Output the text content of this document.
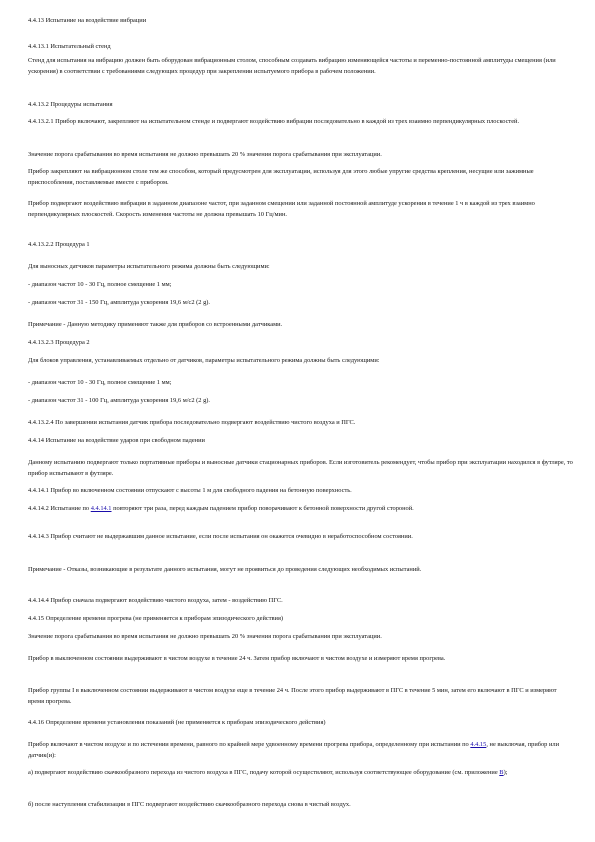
4.4.13 Испытание на воздействие вибрации

4.4.13.1 Испытательный стенд

Стенд для испытания на вибрацию должен быть оборудован вибрационным столом, способным создавать вибрацию изменяющейся частоты и переменно-постоянной амплитуды смещения (или ускорения) в соответствии с требованиями следующих процедур при закреплении испытуемого прибора в рабочем положении.

4.4.13.2 Процедуры испытания

4.4.13.2.1 Прибор включают, закрепляют на испытательном стенде и подвергают воздействию вибрации последовательно в каждой из трех взаимно перпендикулярных плоскостей.

Значение порога срабатывания во время испытания не должно превышать 20 % значения порога срабатывания при эксплуатации.

Прибор закрепляют на вибрационном столе тем же способом, который предусмотрен для эксплуатации, используя для этого любые упругие средства крепления, несущие или зажимные приспособления, поставляемые вместе с прибором.

Прибор подвергают воздействию вибрации в заданном диапазоне частот, при заданном смещении или заданной постоянной амплитуде ускорения в течение 1 ч в каждой из трех взаимно перпендикулярных плоскостей. Скорость изменения частоты не должна превышать 10 Гц/мин.

4.4.13.2.2 Процедура 1

Для выносных датчиков параметры испытательного режима должны быть следующими:

- диапазон частот 10 - 30 Гц, полное смещение 1 мм;

- диапазон частот 31 - 150 Гц, амплитуда ускорения 19,6 м/с2 (2 g).

Примечание - Данную методику применяют также для приборов со встроенными датчиками.

4.4.13.2.3 Процедура 2

Для блоков управления, устанавливаемых отдельно от датчиков, параметры испытательного режима должны быть следующими:

- диапазон частот 10 - 30 Гц, полное смещение 1 мм;

- диапазон частот 31 - 100 Гц, амплитуда ускорения 19,6 м/с2 (2 g).

4.4.13.2.4 По завершении испытания датчик прибора последовательно подвергают воздействию чистого воздуха и ПГС.

4.4.14 Испытание на воздействие ударов при свободном падении

Данному испытанию подвергают только портативные приборы и выносные датчики стационарных приборов. Если изготовитель рекомендует, чтобы прибор при эксплуатации находился в футляре, то прибор испытывают в футляре.

4.4.14.1 Прибор во включенном состоянии отпускают с высоты 1 м для свободного падения на бетонную поверхность.

4.4.14.2 Испытание по 4.4.14.1 повторяют три раза, перед каждым падением прибор поворачивают к бетонной поверхности другой стороной.

4.4.14.3 Прибор считают не выдержавшим данное испытание, если после испытания он окажется очевидно в неработоспособном состоянии.

Примечание - Отказы, возникающие в результате данного испытания, могут не проявиться до проведения следующих необходимых испытаний.

4.4.14.4 Прибор сначала подвергают воздействию чистого воздуха, затем - воздействию ПГС.

4.4.15 Определение времени прогрева (не применяется к приборам эпизодического действия)

Значение порога срабатывания во время испытания не должно превышать 20 % значения порога срабатывания при эксплуатации.

Прибор в выключенном состоянии выдерживают в чистом воздухе в течение 24 ч. Затем прибор включают в чистом воздухе и измеряют время прогрева.

Прибор группы I в выключенном состоянии выдерживают в чистом воздухе еще в течение 24 ч. После этого прибор выдерживают в ПГС в течение 5 мин, затем его включают в ПГС и измеряют время прогрева.

4.4.16 Определение времени установления показаний (не применяется к приборам эпизодического действия)

Прибор включают в чистом воздухе и по истечении времени, равного по крайней мере удвоенному времени прогрева прибора, определенному при испытании по 4.4.15, не выключая, прибор или датчик(и):

а) подвергают воздействию скачкообразного перехода из чистого воздуха в ПГС, подачу которой осуществляют, используя соответствующее оборудование (см. приложение В);

б) после наступления стабилизации в ПГС подвергают воздействию скачкообразного перехода снова в чистый воздух.
